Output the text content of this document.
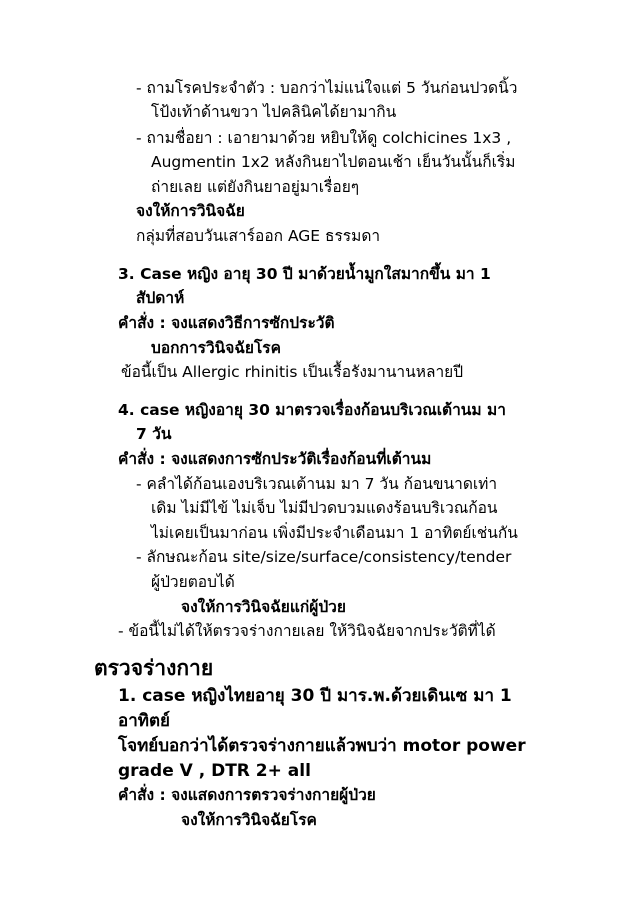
- ถามโรคประจำตัว : บอกว่าไม่แน่ใจแต่ 5 วันก่อนปวดนิ้ว
โป้งเท้าด้านขวา ไปคลินิคได้ยามากิน
- ถามชื่อยา : เอายามาด้วย หยิบให้ดู colchicines 1x3 ,
Augmentin 1x2 หลังกินยาไปตอนเช้า เย็นวันนั้นก็เริ่ม
ถ่ายเลย แต่ยังกินยาอยู่มาเรื่อยๆ
จงให้การวินิจฉัย
กลุ่มที่สอบวันเสาร์ออก AGE ธรรมดา
3. Case หญิง อายุ 30 ปี มาด้วยน้ำมูกใสมากขึ้น มา 1
สัปดาห์
คำสั่ง : จงแสดงวิธีการซักประวัติ
บอกการวินิจฉัยโรค
ข้อนี้เป็น Allergic rhinitis เป็นเรื้อรังมานานหลายปี
4. case หญิงอายุ 30 มาตรวจเรื่องก้อนบริเวณเต้านม มา
7 วัน
คำสั่ง : จงแสดงการซักประวัติเรื่องก้อนที่เต้านม
- คลำได้ก้อนเองบริเวณเต้านม มา 7 วัน ก้อนขนาดเท่า
เดิม ไม่มีไข้ ไม่เจ็บ ไม่มีปวดบวมแดงร้อนบริเวณก้อน
ไม่เคยเป็นมาก่อน เพิ่งมีประจำเดือนมา 1 อาทิตย์เช่นกัน
- ลักษณะก้อน site/size/surface/consistency/tender
ผู้ป่วยตอบได้
จงให้การวินิจฉัยแก่ผู้ป่วย
- ข้อนี้ไม่ได้ให้ตรวจร่างกายเลย ให้วินิจฉัยจากประวัติที่ได้
ตรวจร่างกาย
1. case หญิงไทยอายุ 30 ปี มาร.พ.ด้วยเดินเซ มา 1
อาทิตย์
โจทย์บอกว่าได้ตรวจร่างกายแล้วพบว่า motor power
grade V , DTR 2+ all
คำสั่ง : จงแสดงการตรวจร่างกายผู้ป่วย
จงให้การวินิจฉัยโรค
